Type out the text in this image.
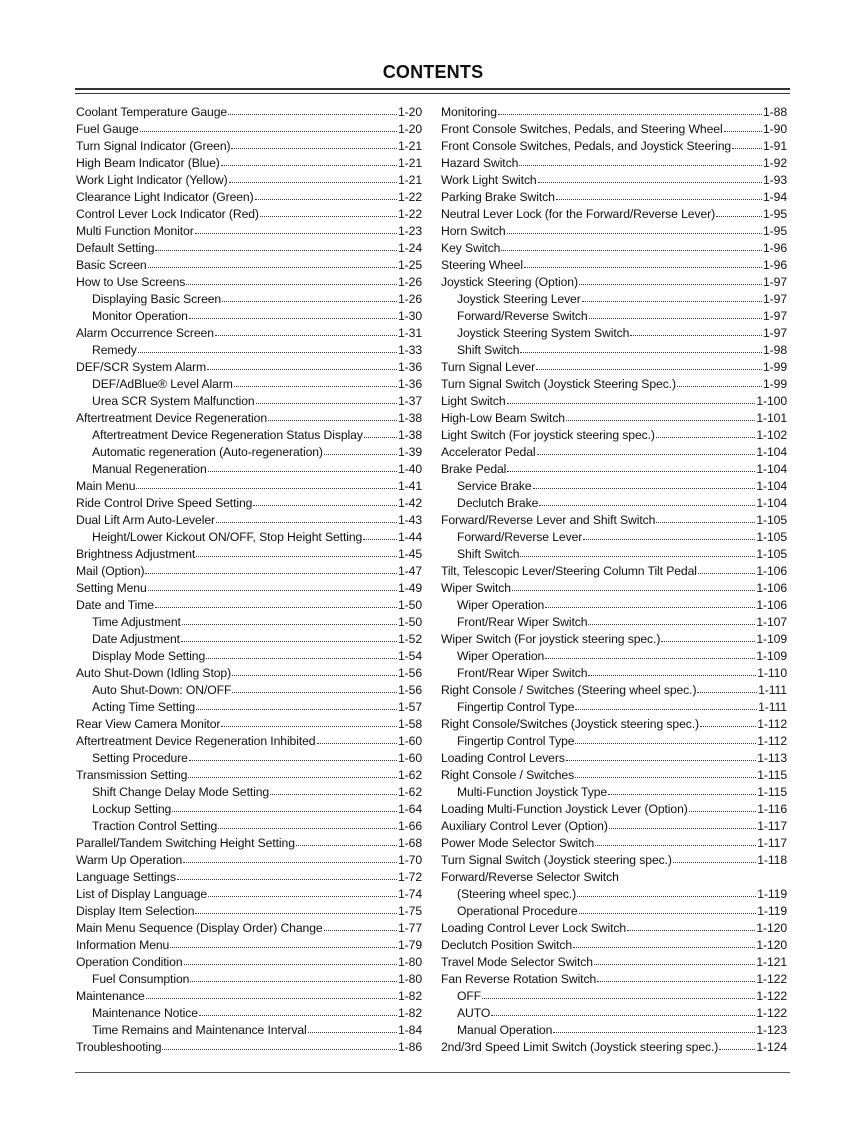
CONTENTS
Coolant Temperature Gauge	1-20
Fuel Gauge	1-20
Turn Signal Indicator (Green)	1-21
High Beam Indicator (Blue)	1-21
Work Light Indicator (Yellow)	1-21
Clearance Light Indicator (Green)	1-22
Control Lever Lock Indicator (Red)	1-22
Multi Function Monitor	1-23
Default Setting	1-24
Basic Screen	1-25
How to Use Screens	1-26
Displaying Basic Screen	1-26
Monitor Operation	1-30
Alarm Occurrence Screen	1-31
Remedy	1-33
DEF/SCR System Alarm	1-36
DEF/AdBlue® Level Alarm	1-36
Urea SCR System Malfunction	1-37
Aftertreatment Device Regeneration	1-38
Aftertreatment Device Regeneration Status Display	1-38
Automatic regeneration (Auto-regeneration)	1-39
Manual Regeneration	1-40
Main Menu	1-41
Ride Control Drive Speed Setting	1-42
Dual Lift Arm Auto-Leveler	1-43
Height/Lower Kickout ON/OFF, Stop Height Setting	1-44
Brightness Adjustment	1-45
Mail (Option)	1-47
Setting Menu	1-49
Date and Time	1-50
Time Adjustment	1-50
Date Adjustment	1-52
Display Mode Setting	1-54
Auto Shut-Down (Idling Stop)	1-56
Auto Shut-Down: ON/OFF	1-56
Acting Time Setting	1-57
Rear View Camera Monitor	1-58
Aftertreatment Device Regeneration Inhibited	1-60
Setting Procedure	1-60
Transmission Setting	1-62
Shift Change Delay Mode Setting	1-62
Lockup Setting	1-64
Traction Control Setting	1-66
Parallel/Tandem Switching Height Setting	1-68
Warm Up Operation	1-70
Language Settings	1-72
List of Display Language	1-74
Display Item Selection	1-75
Main Menu Sequence (Display Order) Change	1-77
Information Menu	1-79
Operation Condition	1-80
Fuel Consumption	1-80
Maintenance	1-82
Maintenance Notice	1-82
Time Remains and Maintenance Interval	1-84
Troubleshooting	1-86
Monitoring	1-88
Front Console Switches, Pedals, and Steering Wheel	1-90
Front Console Switches, Pedals, and Joystick Steering	1-91
Hazard Switch	1-92
Work Light Switch	1-93
Parking Brake Switch	1-94
Neutral Lever Lock (for the Forward/Reverse Lever)	1-95
Horn Switch	1-95
Key Switch	1-96
Steering Wheel	1-96
Joystick Steering (Option)	1-97
Joystick Steering Lever	1-97
Forward/Reverse Switch	1-97
Joystick Steering System Switch	1-97
Shift Switch	1-98
Turn Signal Lever	1-99
Turn Signal Switch (Joystick Steering Spec.)	1-99
Light Switch	1-100
High-Low Beam Switch	1-101
Light Switch (For joystick steering spec.)	1-102
Accelerator Pedal	1-104
Brake Pedal	1-104
Service Brake	1-104
Declutch Brake	1-104
Forward/Reverse Lever and Shift Switch	1-105
Forward/Reverse Lever	1-105
Shift Switch	1-105
Tilt, Telescopic Lever/Steering Column Tilt Pedal	1-106
Wiper Switch	1-106
Wiper Operation	1-106
Front/Rear Wiper Switch	1-107
Wiper Switch (For joystick steering spec.)	1-109
Wiper Operation	1-109
Front/Rear Wiper Switch	1-110
Right Console / Switches (Steering wheel spec.)	1-111
Fingertip Control Type	1-111
Right Console/Switches (Joystick steering spec.)	1-112
Fingertip Control Type	1-112
Loading Control Levers	1-113
Right Console / Switches	1-115
Multi-Function Joystick Type	1-115
Loading Multi-Function Joystick Lever (Option)	1-116
Auxiliary Control Lever (Option)	1-117
Power Mode Selector Switch	1-117
Turn Signal Switch (Joystick steering spec.)	1-118
Forward/Reverse Selector Switch
(Steering wheel spec.)	1-119
Operational Procedure	1-119
Loading Control Lever Lock Switch	1-120
Declutch Position Switch	1-120
Travel Mode Selector Switch	1-121
Fan Reverse Rotation Switch	1-122
OFF	1-122
AUTO	1-122
Manual Operation	1-123
2nd/3rd Speed Limit Switch (Joystick steering spec.)	1-124
